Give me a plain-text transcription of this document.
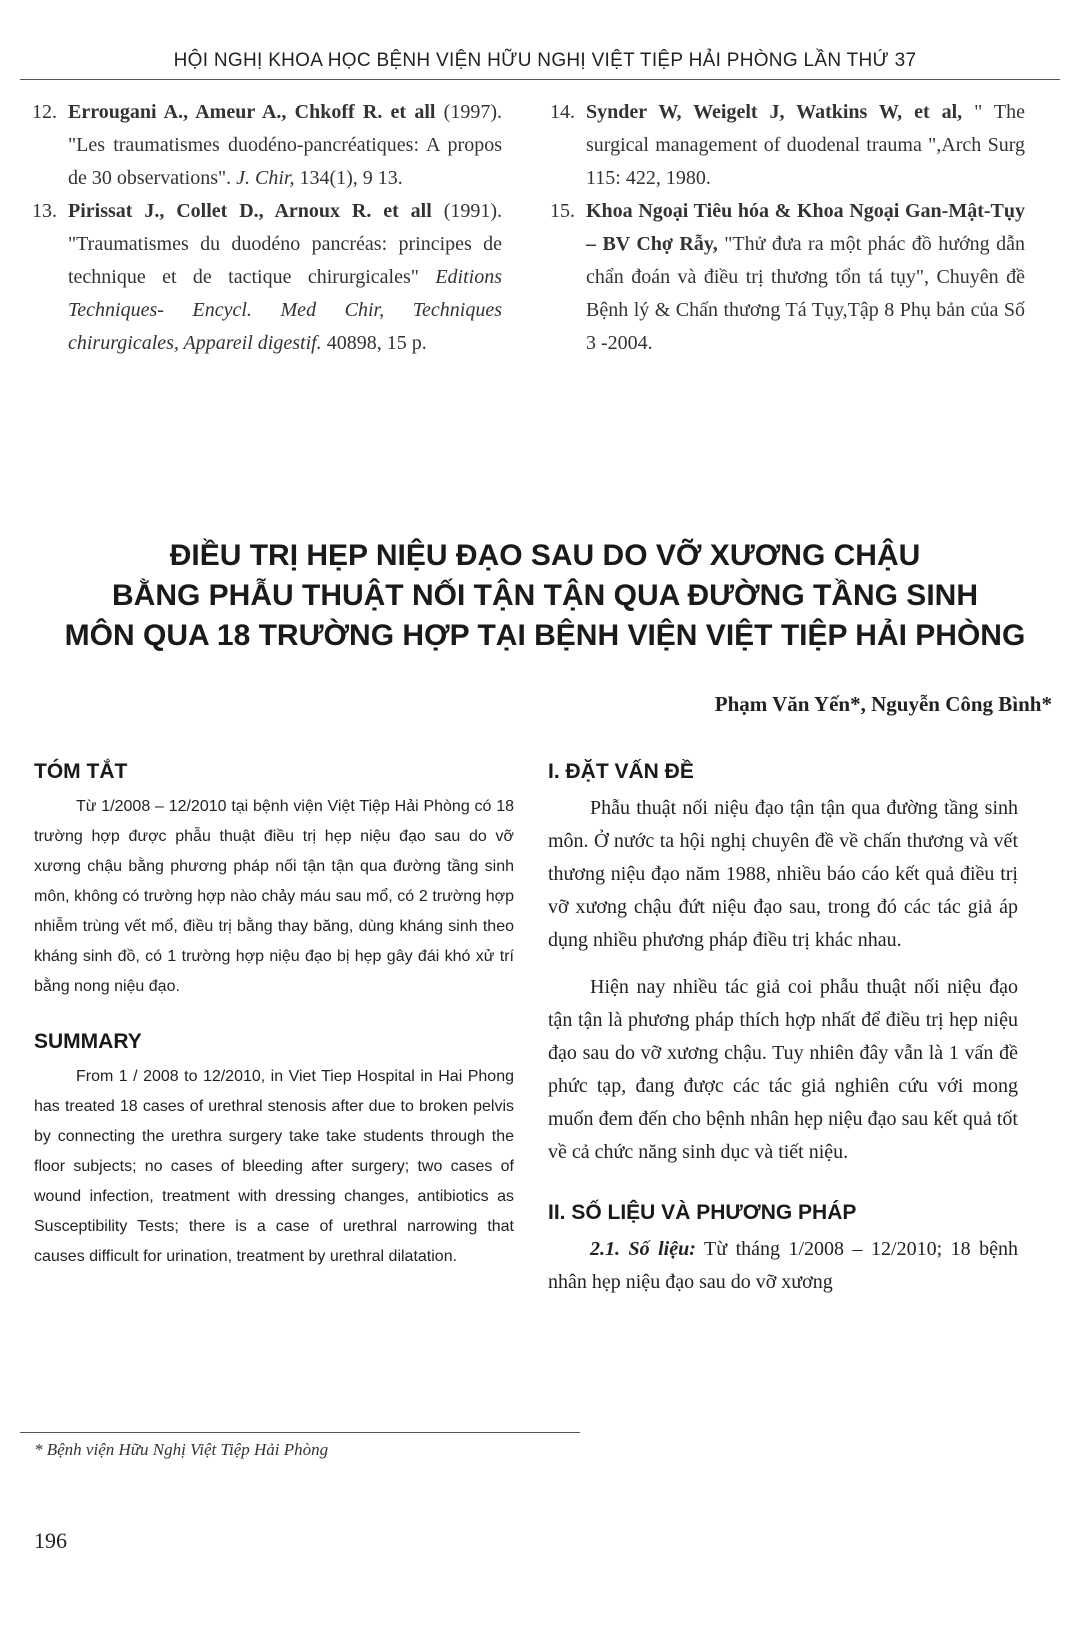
HỘI NGHỊ KHOA HỌC BỆNH VIỆN HỮU NGHỊ VIỆT TIỆP HẢI PHÒNG LẦN THỨ 37
12. Errougani A., Ameur A., Chkoff R. et all (1997). "Les traumatismes duodéno-pancréatiques: A propos de 30 observations". J. Chir, 134(1), 9 13.
13. Pirissat J., Collet D., Arnoux R. et all (1991). "Traumatismes du duodéno pancréas: principes de technique et de tactique chirurgicales" Editions Techniques- Encycl. Med Chir, Techniques chirurgicales, Appareil digestif. 40898, 15 p.
14. Synder W, Weigelt J, Watkins W, et al, " The surgical management of duodenal trauma ",Arch Surg 115: 422, 1980.
15. Khoa Ngoại Tiêu hóa & Khoa Ngoại Gan-Mật-Tụy – BV Chợ Rẫy, "Thử đưa ra một phác đồ hướng dẫn chẩn đoán và điều trị thương tổn tá tụy", Chuyên đề Bệnh lý & Chấn thương Tá Tụy,Tập 8 Phụ bản của Số 3 -2004.
ĐIỀU TRỊ HẸP NIỆU ĐẠO SAU DO VỠ XƯƠNG CHẬU
BẰNG PHẪU THUẬT NỐI TẬN TẬN QUA ĐƯỜNG TẦNG SINH
MÔN QUA 18 TRƯỜNG HỢP TẠI BỆNH VIỆN VIỆT TIỆP HẢI PHÒNG
Phạm Văn Yến*, Nguyễn Công Bình*
TÓM TẮT

Từ 1/2008 – 12/2010 tại bệnh viện Việt Tiệp Hải Phòng có 18 trường hợp được phẫu thuật điều trị hẹp niệu đạo sau do vỡ xương chậu bằng phương pháp nối tận tận qua đường tầng sinh môn, không có trường hợp nào chảy máu sau mổ, có 2 trường hợp nhiễm trùng vết mổ, điều trị bằng thay băng, dùng kháng sinh theo kháng sinh đồ, có 1 trường hợp niệu đạo bị hẹp gây đái khó xử trí bằng nong niệu đạo.

SUMMARY

From 1 / 2008 to 12/2010, in Viet Tiep Hospital in Hai Phong has treated 18 cases of urethral stenosis after due to broken pelvis by connecting the urethra surgery take take students through the floor subjects; no cases of bleeding after surgery; two cases of wound infection, treatment with dressing changes, antibiotics as Susceptibility Tests; there is a case of urethral narrowing that causes difficult for urination, treatment by urethral dilatation.

I. ĐẶT VẤN ĐỀ

Phẫu thuật nối niệu đạo tận tận qua đường tầng sinh môn. Ở nước ta hội nghị chuyên đề về chấn thương và vết thương niệu đạo năm 1988, nhiều báo cáo kết quả điều trị vỡ xương chậu đứt niệu đạo sau, trong đó các tác giả áp dụng nhiều phương pháp điều trị khác nhau.

Hiện nay nhiều tác giả coi phẫu thuật nối niệu đạo tận tận là phương pháp thích hợp nhất để điều trị hẹp niệu đạo sau do vỡ xương chậu. Tuy nhiên đây vẫn là 1 vấn đề phức tạp, đang được các tác giả nghiên cứu với mong muốn đem đến cho bệnh nhân hẹp niệu đạo sau kết quả tốt về cả chức năng sinh dục và tiết niệu.

II. SỐ LIỆU VÀ PHƯƠNG PHÁP

2.1. Số liệu: Từ tháng 1/2008 – 12/2010; 18 bệnh nhân hẹp niệu đạo sau do vỡ xương

* Bệnh viện Hữu Nghị Việt Tiệp Hải Phòng
196
